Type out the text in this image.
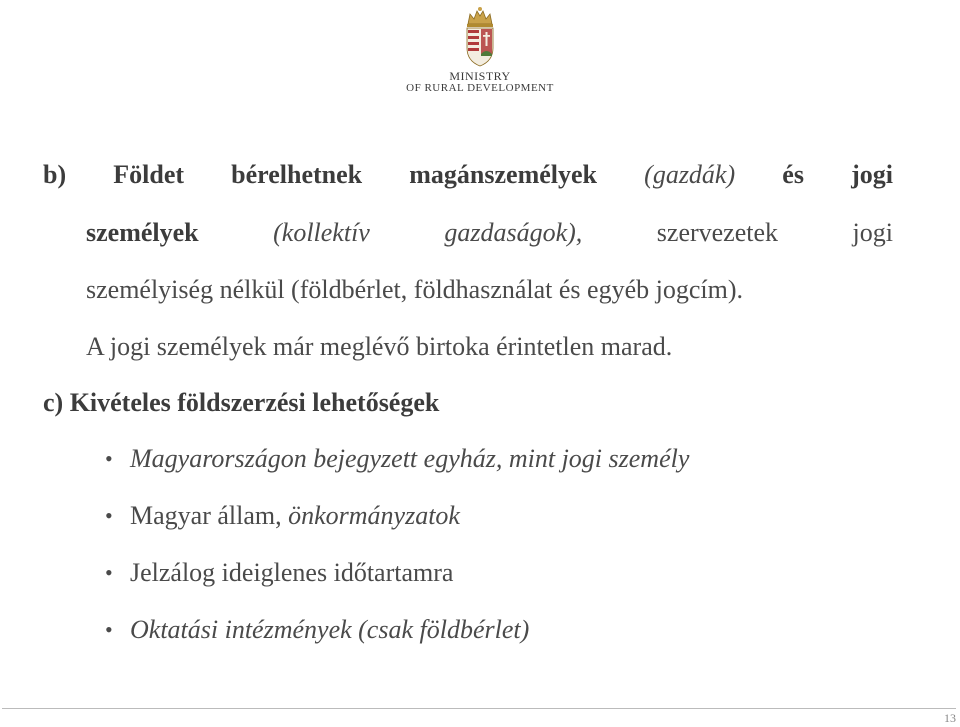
MINISTRY
OF RURAL DEVELOPMENT
b) Földet bérelhetnek magánszemélyek (gazdák) és jogi
személyek	(kollektív	gazdaságok),	szervezetek	jogi
személyiség nélkül (földbérlet, földhasználat és egyéb jogcím).
A jogi személyek már meglévő birtoka érintetlen marad.
c) Kivételes földszerzési lehetőségek
• Magyarországon bejegyzett egyház, mint jogi személy
• Magyar állam, önkormányzatok
• Jelzálog ideiglenes időtartamra
• Oktatási intézmények (csak földbérlet)
13
